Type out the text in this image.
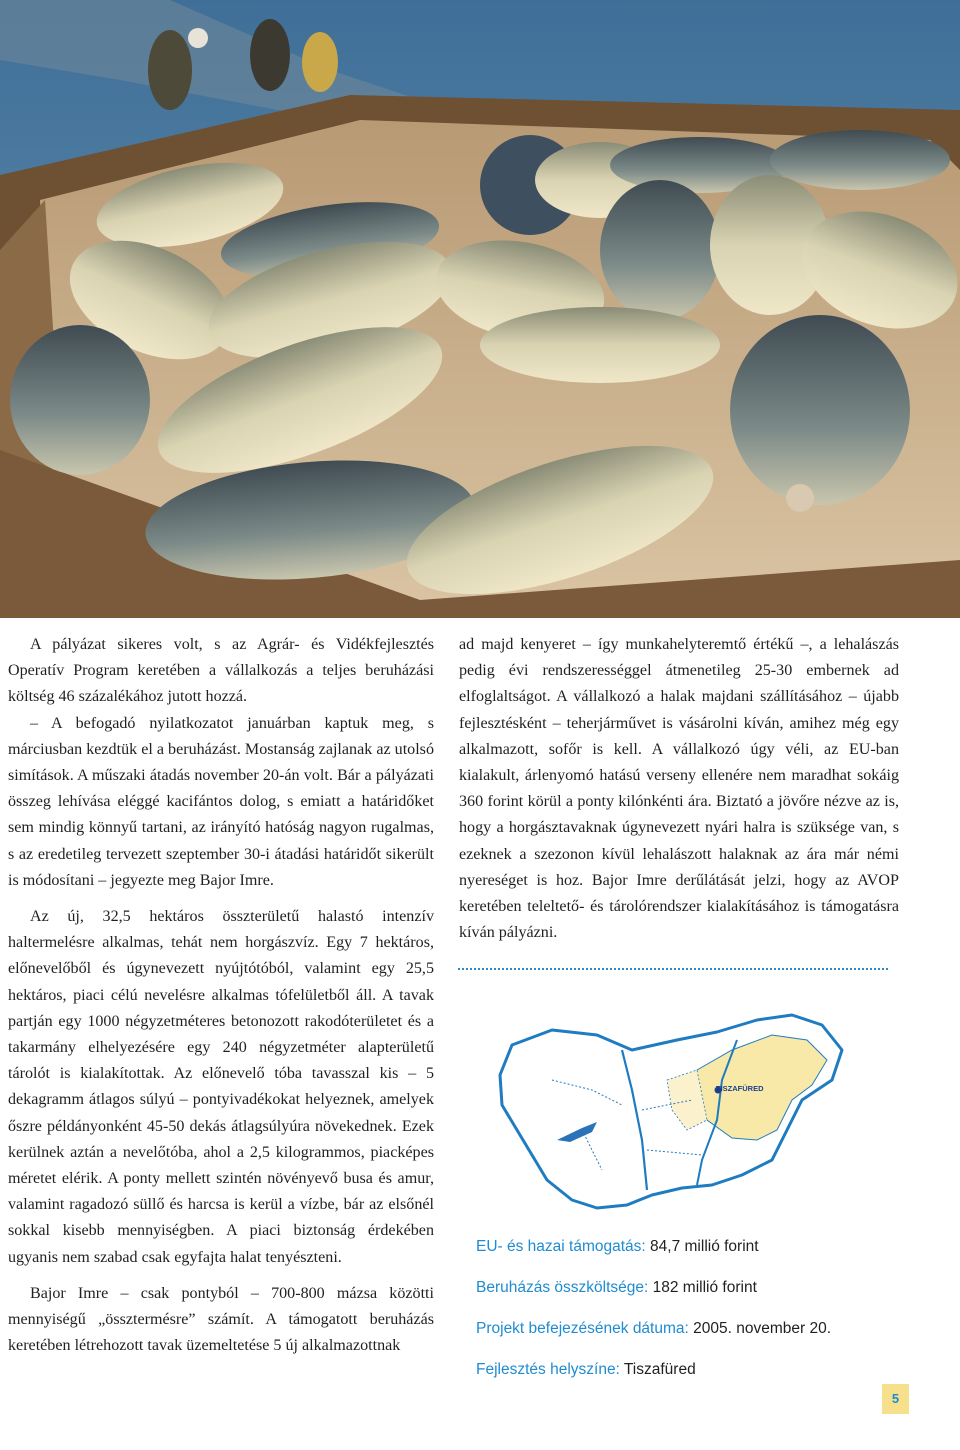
A pályázat sikeres volt, s az Agrár- és Vidékfejlesztés Operatív Program keretében a vállalkozás a teljes beruházási költség 46 százalékához jutott hozzá.

– A befogadó nyilatkozatot januárban kaptuk meg, s márciusban kezdtük el a beruházást. Mostanság zajlanak az utolsó simítások. A műszaki átadás november 20-án volt. Bár a pályázati összeg lehívása eléggé kacifántos dolog, s emiatt a határidőket sem mindig könnyű tartani, az irányító hatóság nagyon rugalmas, s az eredetileg tervezett szeptember 30-i átadási határidőt sikerült is módosítani – jegyezte meg Bajor Imre.

Az új, 32,5 hektáros összterületű halastó intenzív haltermelésre alkalmas, tehát nem horgászvíz. Egy 7 hektáros, előnevelőből és úgynevezett nyújtótóból, valamint egy 25,5 hektáros, piaci célú nevelésre alkalmas tófelületből áll. A tavak partján egy 1000 négyzetméteres betonozott rakodóterületet és a takarmány elhelyezésére egy 240 négyzetméter alapterületű tárolót is kialakítottak. Az előnevelő tóba tavasszal kis – 5 dekagramm átlagos súlyú – pontyivadékokat helyeznek, amelyek őszre példányonként 45-50 dekás átlagsúlyúra növekednek. Ezek kerülnek aztán a nevelőtóba, ahol a 2,5 kilogrammos, piacképes méretet elérik. A ponty mellett szintén növényevő busa és amur, valamint ragadozó süllő és harcsa is kerül a vízbe, bár az elsőnél sokkal kisebb mennyiségben. A piaci biztonság érdekében ugyanis nem szabad csak egyfajta halat tenyészteni.

Bajor Imre – csak pontyból – 700-800 mázsa közötti mennyiségű „össztermésre” számít. A támogatott beruházás keretében létrehozott tavak üzemeltetése 5 új alkalmazottnak

ad majd kenyeret – így munkahelyteremtő értékű –, a lehalászás pedig évi rendszerességgel átmenetileg 25-30 embernek ad elfoglaltságot. A vállalkozó a halak majdani szállításához – újabb fejlesztésként – teherjárművet is vásárolni kíván, amihez még egy alkalmazott, sofőr is kell. A vállalkozó úgy véli, az EU-ban kialakult, árlenyomó hatású verseny ellenére nem maradhat sokáig 360 forint körül a ponty kilónkénti ára. Biztató a jövőre nézve az is, hogy a horgásztavaknak úgynevezett nyári halra is szüksége van, s ezeknek a szezonon kívül lehalászott halaknak az ára már némi nyereséget is hoz. Bajor Imre derűlátását jelzi, hogy az AVOP keretében teleltető- és tárolórendszer kialakításához is támogatásra kíván pályázni.

TISZAFÜRED
EU- és hazai támogatás: 84,7 millió forint
Beruházás összköltsége: 182 millió forint
Projekt befejezésének dátuma: 2005. november 20.
Fejlesztés helyszíne: Tiszafüred
5
